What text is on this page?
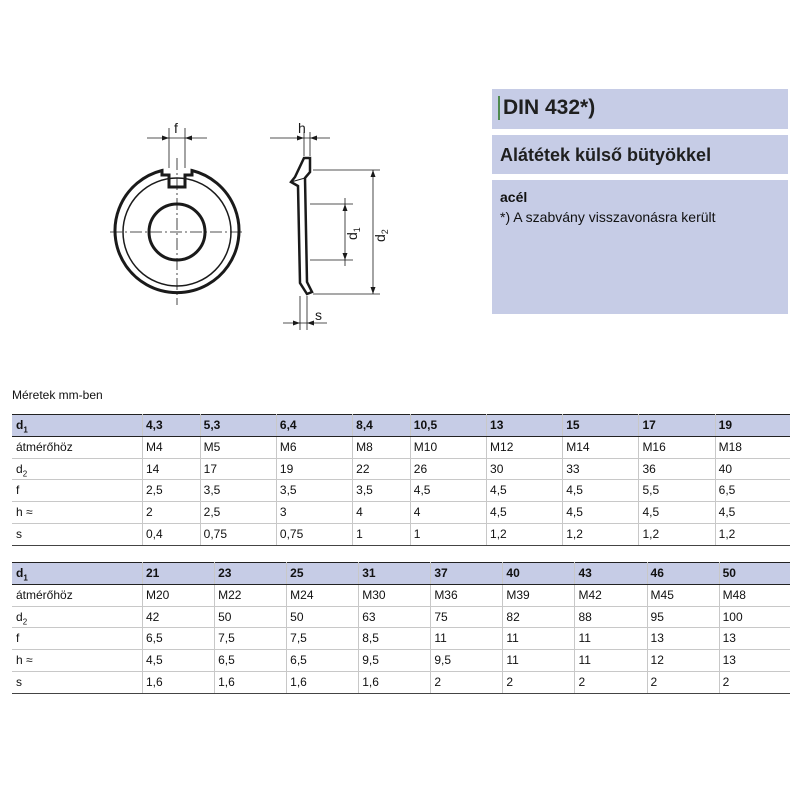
f	h
s
$d_1$
$d_2$
DIN 432*)
Alátétek külső bütyökkel
acél
*) A szabvány visszavonásra került
Méretek mm-ben
$d_1$	4,3	5,3	6,4	8,4	10,5	13	15	17	19
átmérőhöz	M4	M5	M6	M8	M10	M12	M14	M16	M18
$d_2$	14	17	19	22	26	30	33	36	40
f	2,5	3,5	3,5	3,5	4,5	4,5	4,5	5,5	6,5
h ≈	2	2,5	3	4	4	4,5	4,5	4,5	4,5
s	0,4	0,75	0,75	1	1	1,2	1,2	1,2	1,2
$d_1$	21	23	25	31	37	40	43	46	50
átmérőhöz	M20	M22	M24	M30	M36	M39	M42	M45	M48
$d_2$	42	50	50	63	75	82	88	95	100
f	6,5	7,5	7,5	8,5	11	11	11	13	13
h ≈	4,5	6,5	6,5	9,5	9,5	11	11	12	13
s	1,6	1,6	1,6	1,6	2	2	2	2	2
